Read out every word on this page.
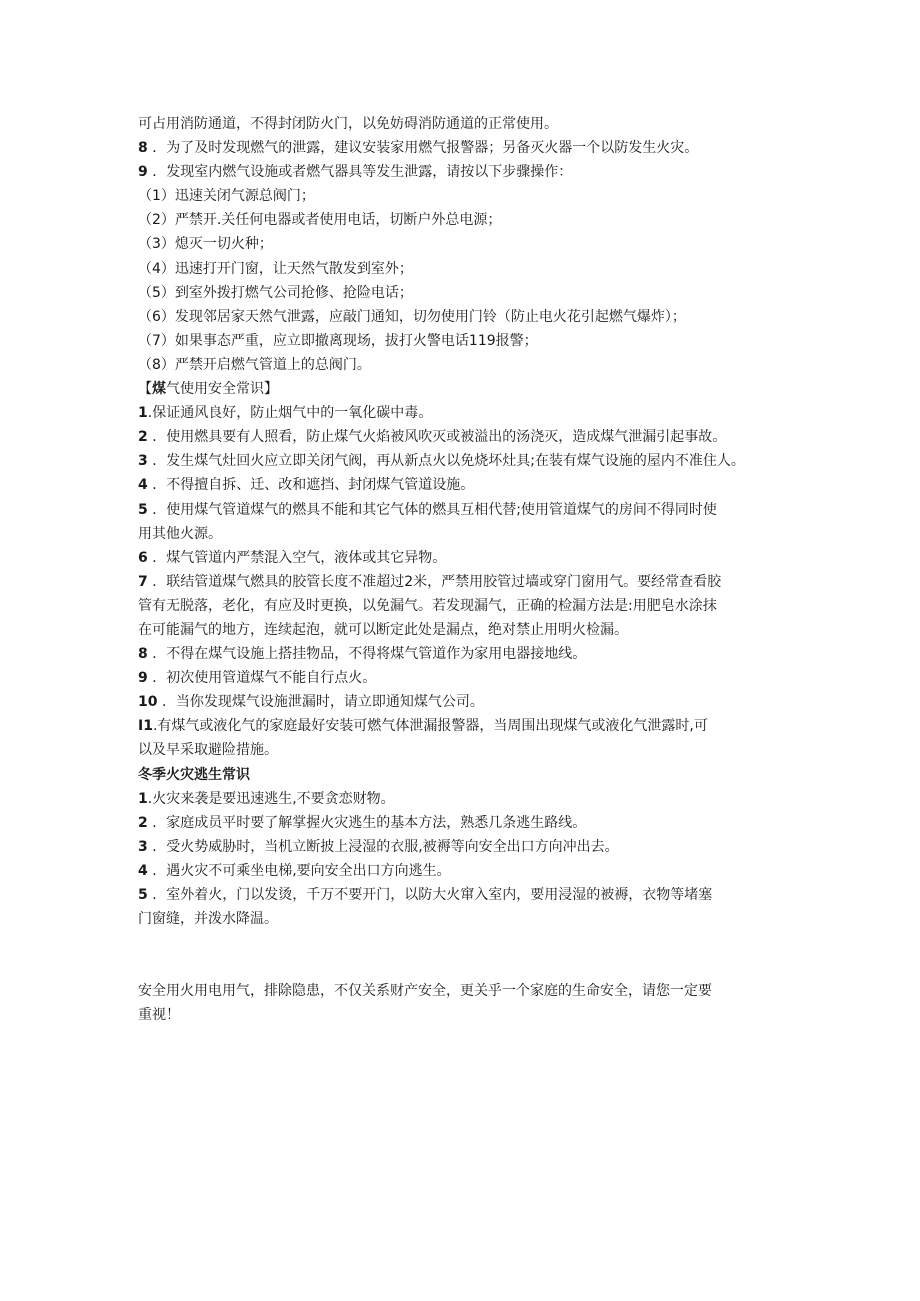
可占用消防通道，不得封闭防火门，以免妨碍消防通道的正常使用。
8 ．为了及时发现燃气的泄露，建议安装家用燃气报警器；另备灭火器一个以防发生火灾。
9 ．发现室内燃气设施或者燃气器具等发生泄露，请按以下步骤操作：
（1）迅速关闭气源总阀门；
（2）严禁开.关任何电器或者使用电话，切断户外总电源；
（3）熄灭一切火种；
（4）迅速打开门窗，让天然气散发到室外；
（5）到室外拨打燃气公司抢修、抢险电话；
（6）发现邻居家天然气泄露，应敲门通知，切勿使用门铃（防止电火花引起燃气爆炸）；
（7）如果事态严重，应立即撤离现场，拔打火警电话119报警；
（8）严禁开启燃气管道上的总阀门。
【煤气使用安全常识】
1.保证通风良好，防止烟气中的一氧化碳中毒。
2 ．使用燃具要有人照看，防止煤气火焰被风吹灭或被溢出的汤浇灭，造成煤气泄漏引起事故。
3 ．发生煤气灶回火应立即关闭气阀，再从新点火以免烧坏灶具;在装有煤气设施的屋内不准住人。
4 ．不得擅自拆、迁、改和遮挡、封闭煤气管道设施。
5 ．使用煤气管道煤气的燃具不能和其它气体的燃具互相代替;使用管道煤气的房间不得同时使
用其他火源。
6 ．煤气管道内严禁混入空气，液体或其它异物。
7 ．联结管道煤气燃具的胶管长度不准超过2米，严禁用胶管过墙或穿门窗用气。要经常查看胶
管有无脱落，老化，有应及时更换，以免漏气。若发现漏气，正确的检漏方法是:用肥皂水涂抹
在可能漏气的地方，连续起泡，就可以断定此处是漏点，绝对禁止用明火检漏。
8 ．不得在煤气设施上搭挂物品，不得将煤气管道作为家用电器接地线。
9 ．初次使用管道煤气不能自行点火。
10 ．当你发现煤气设施泄漏时，请立即通知煤气公司。
I1.有煤气或液化气的家庭最好安装可燃气体泄漏报警器，当周围出现煤气或液化气泄露时,可
以及早采取避险措施。
冬季火灾逃生常识
1.火灾来袭是要迅速逃生,不要贪恋财物。
2 ．家庭成员平时要了解掌握火灾逃生的基本方法，熟悉几条逃生路线。
3 ．受火势威胁时，当机立断披上浸湿的衣服,被褥等向安全出口方向冲出去。
4 ．遇火灾不可乘坐电梯,要向安全出口方向逃生。
5 ．室外着火，门以发烫，千万不要开门，以防大火窜入室内，要用浸湿的被褥，衣物等堵塞
门窗缝，并泼水降温。
安全用火用电用气，排除隐患，不仅关系财产安全，更关乎一个家庭的生命安全，请您一定要
重视！
